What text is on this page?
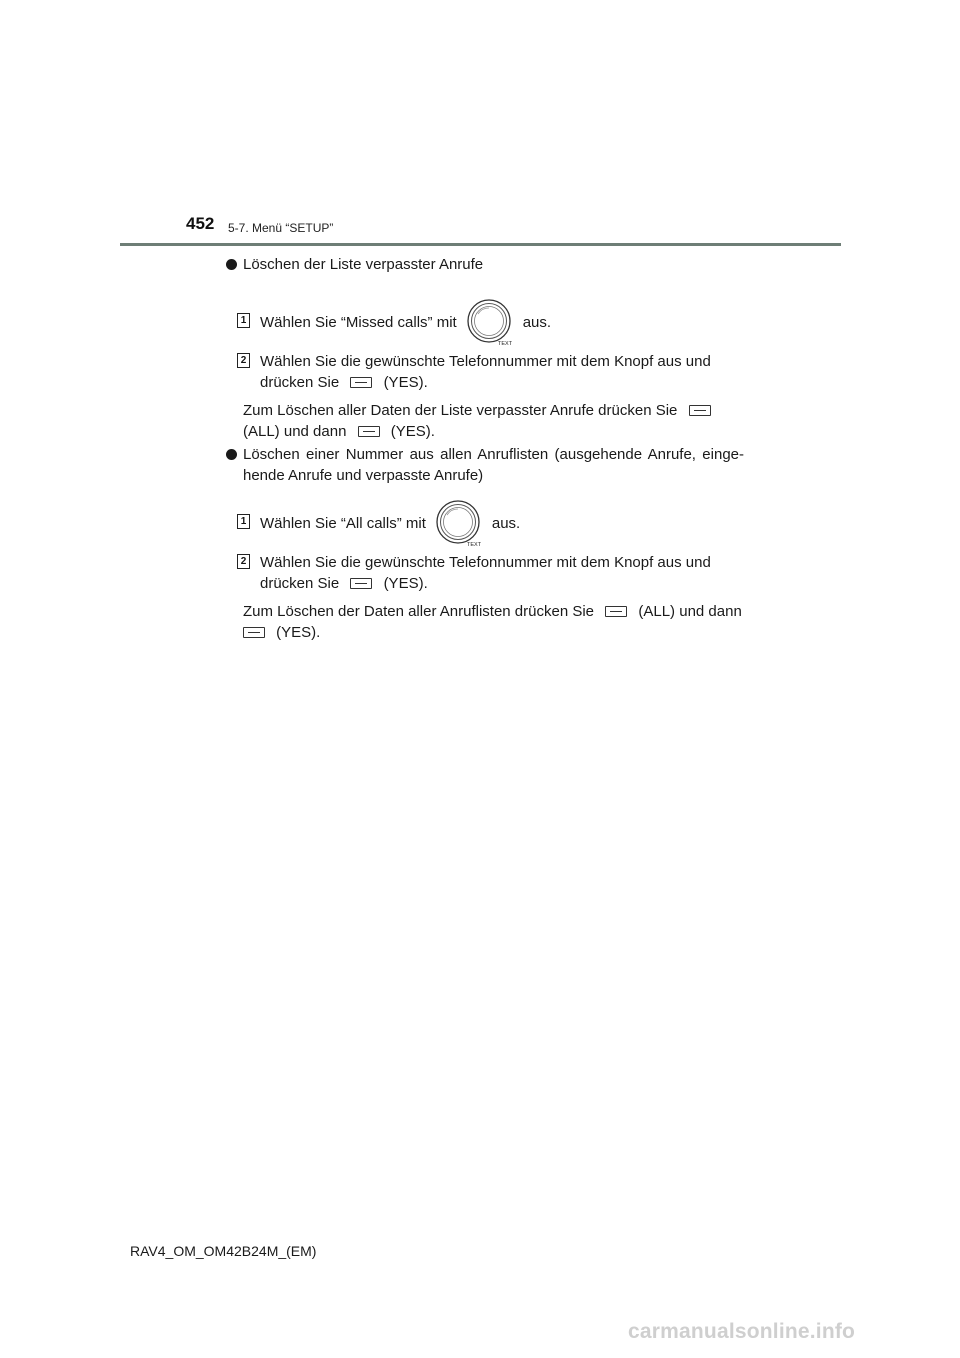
452 5-7. Menü “SETUP”
Löschen der Liste verpasster Anrufe
1 Wählen Sie “Missed calls” mit
TEXT
aus.
2 Wählen Sie die gewünschte Telefonnummer mit dem Knopf aus und
drücken Sie	(YES).
Zum Löschen aller Daten der Liste verpasster Anrufe drücken Sie
(ALL) und dann	(YES).
Löschen einer Nummer aus allen Anruflisten (ausgehende Anrufe, einge-hende Anrufe und verpasste Anrufe)
1 Wählen Sie “All calls” mit
TEXT
aus.
2 Wählen Sie die gewünschte Telefonnummer mit dem Knopf aus und
drücken Sie	(YES).
Zum Löschen der Daten aller Anruflisten drücken Sie	(ALL) und dann
(YES).
RAV4_OM_OM42B24M_(EM)
carmanualsonline.info
